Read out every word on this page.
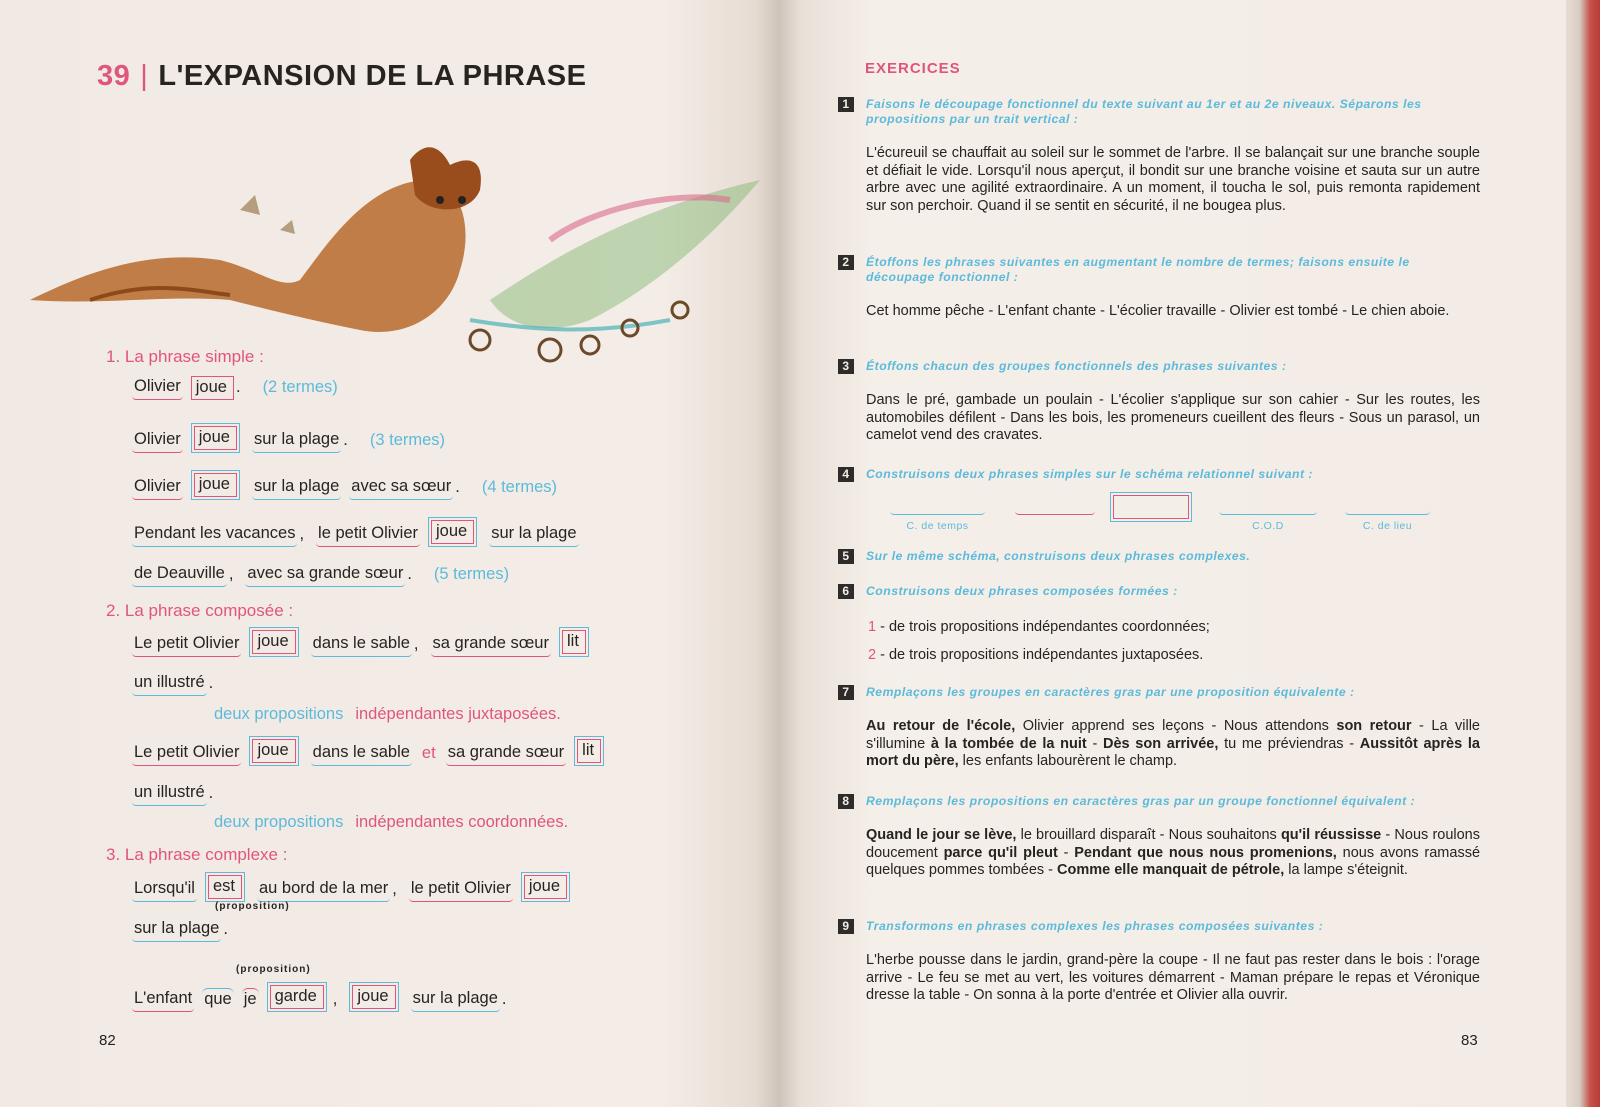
39 | L'EXPANSION DE LA PHRASE
1. La phrase simple :
2. La phrase composée :
3. La phrase complexe :
Olivier joue . (2 termes)
Olivier	joue	sur la plage . (3 termes)
Olivier	joue	sur la plage avec sa sœur . (4 termes)
Pendant les vacances , le petit Olivier	joue	sur la plage
de Deauville , avec sa grande sœur . (5 termes)
Le petit Olivier	joue	dans le sable , sa grande sœur	lit
un illustré .
deux propositions indépendantes juxtaposées.
Le petit Olivier	joue	dans le sable et sa grande sœur	lit
un illustré .
deux propositions indépendantes coordonnées.
Lorsqu'il	est	au bord de la mer , le petit Olivier	joue
sur la plage .
L'enfant que je	garde ,	joue	sur la plage .
(proposition)
(proposition)
82
EXERCICES
1	Faisons le découpage fonctionnel du texte suivant au 1er et au 2e niveaux. Séparons les propositions par un trait vertical :
L'écureuil se chauffait au soleil sur le sommet de l'arbre. Il se balançait sur une branche souple et défiait le vide. Lorsqu'il nous aperçut, il bondit sur une branche voisine et sauta sur un autre arbre avec une agilité extraordinaire. A un moment, il toucha le sol, puis remonta rapidement sur son perchoir. Quand il se sentit en sécurité, il ne bougea plus.
2	Étoffons les phrases suivantes en augmentant le nombre de termes; faisons ensuite le découpage fonctionnel :
Cet homme pêche - L'enfant chante - L'écolier travaille - Olivier est tombé - Le chien aboie.
3	Étoffons chacun des groupes fonctionnels des phrases suivantes :
Dans le pré, gambade un poulain - L'écolier s'applique sur son cahier - Sur les routes, les automobiles défilent - Dans les bois, les promeneurs cueillent des fleurs - Sous un parasol, un camelot vend des cravates.
4	Construisons deux phrases simples sur le schéma relationnel suivant :
C. de temps	C.O.D	C. de lieu
5	Sur le même schéma, construisons deux phrases complexes.
6	Construisons deux phrases composées formées :
1 - de trois propositions indépendantes coordonnées;
2 - de trois propositions indépendantes juxtaposées.
7	Remplaçons les groupes en caractères gras par une proposition équivalente :
Au retour de l'école, Olivier apprend ses leçons - Nous attendons son retour - La ville s'illumine à la tombée de la nuit - Dès son arrivée, tu me préviendras - Aussitôt après la mort du père, les enfants labourèrent le champ.
8	Remplaçons les propositions en caractères gras par un groupe fonctionnel équivalent :
Quand le jour se lève, le brouillard disparaît - Nous souhaitons qu'il réussisse - Nous roulons doucement parce qu'il pleut - Pendant que nous nous promenions, nous avons ramassé quelques pommes tombées - Comme elle manquait de pétrole, la lampe s'éteignit.
9	Transformons en phrases complexes les phrases composées suivantes :
L'herbe pousse dans le jardin, grand-père la coupe - Il ne faut pas rester dans le bois : l'orage arrive - Le feu se met au vert, les voitures démarrent - Maman prépare le repas et Véronique dresse la table - On sonna à la porte d'entrée et Olivier alla ouvrir.
83
